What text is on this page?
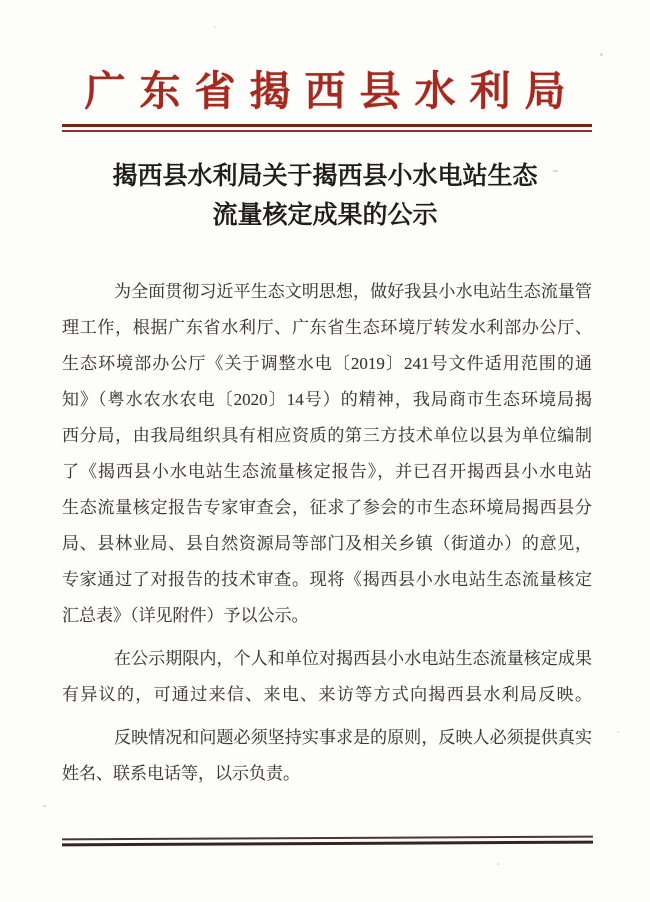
广东省揭西县水利局
揭西县水利局关于揭西县小水电站生态
流量核定成果的公示
为全面贯彻习近平生态文明思想，做好我县小水电站生态流量管
理工作，根据广东省水利厅、广东省生态环境厅转发水利部办公厅、
生态环境部办公厅《关于调整水电〔2019〕241号文件适用范围的通
知》（粤水农水农电〔2020〕14号）的精神，我局商市生态环境局揭
西分局，由我局组织具有相应资质的第三方技术单位以县为单位编制
了《揭西县小水电站生态流量核定报告》，并已召开揭西县小水电站
生态流量核定报告专家审查会，征求了参会的市生态环境局揭西县分
局、县林业局、县自然资源局等部门及相关乡镇（街道办）的意见，
专家通过了对报告的技术审查。现将《揭西县小水电站生态流量核定
汇总表》（详见附件）予以公示。
在公示期限内，个人和单位对揭西县小水电站生态流量核定成果
有异议的，可通过来信、来电、来访等方式向揭西县水利局反映。
反映情况和问题必须坚持实事求是的原则，反映人必须提供真实
姓名、联系电话等，以示负责。
